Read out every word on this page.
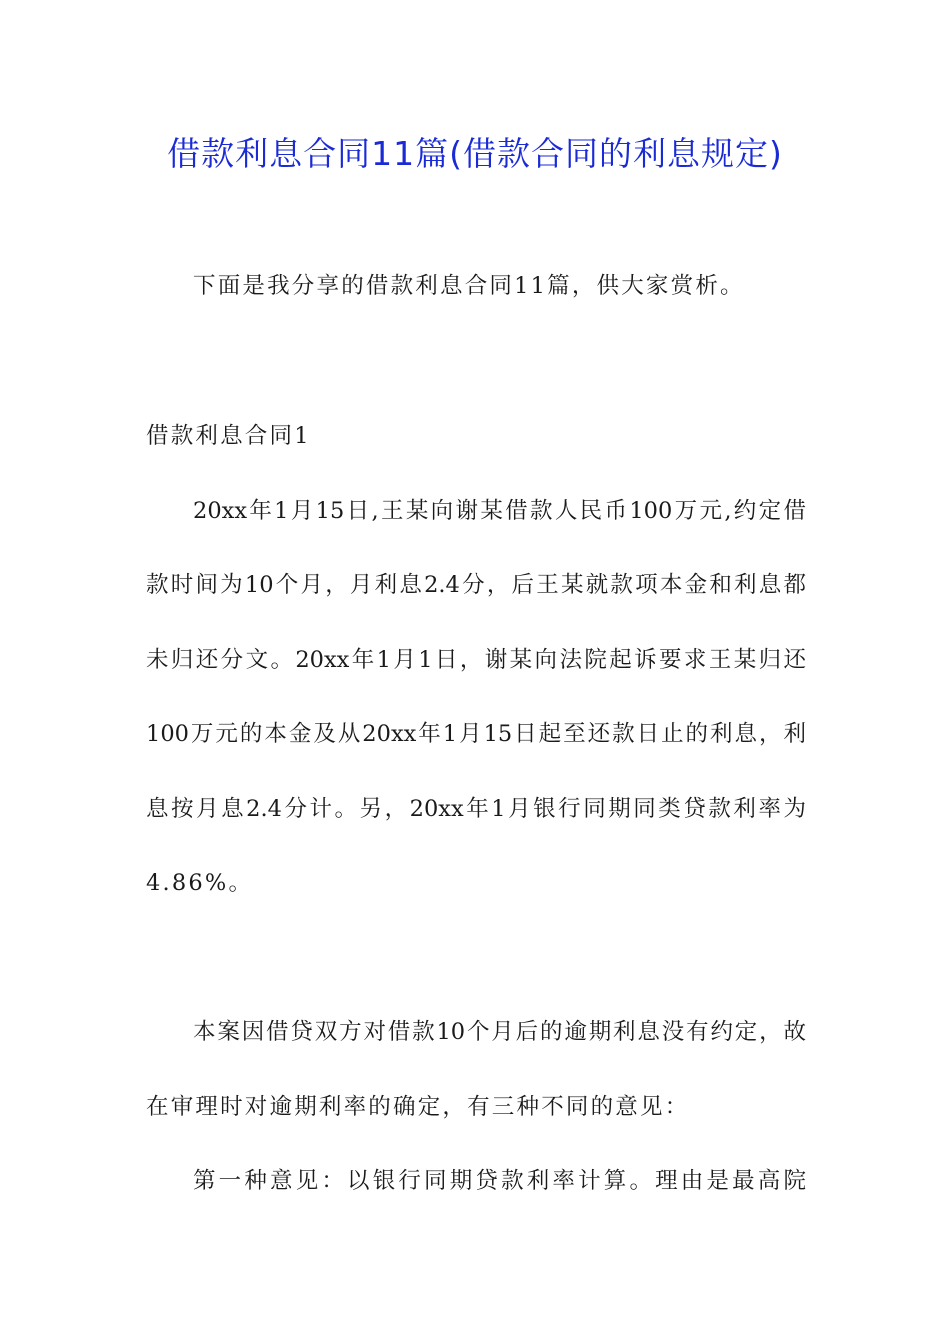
借款利息合同11篇(借款合同的利息规定)
下面是我分享的借款利息合同11篇，供大家赏析。
借款利息合同1
20xx年1月15日,王某向谢某借款人民币100万元,约定借
款时间为10个月，月利息2.4分，后王某就款项本金和利息都
未归还分文。20xx年1月1日，谢某向法院起诉要求王某归还
100万元的本金及从20xx年1月15日起至还款日止的利息，利
息按月息2.4分计。另，20xx年1月银行同期同类贷款利率为
4.86%。
本案因借贷双方对借款10个月后的逾期利息没有约定，故
在审理时对逾期利率的确定，有三种不同的意见：
第一种意见：以银行同期贷款利率计算。理由是最高院
